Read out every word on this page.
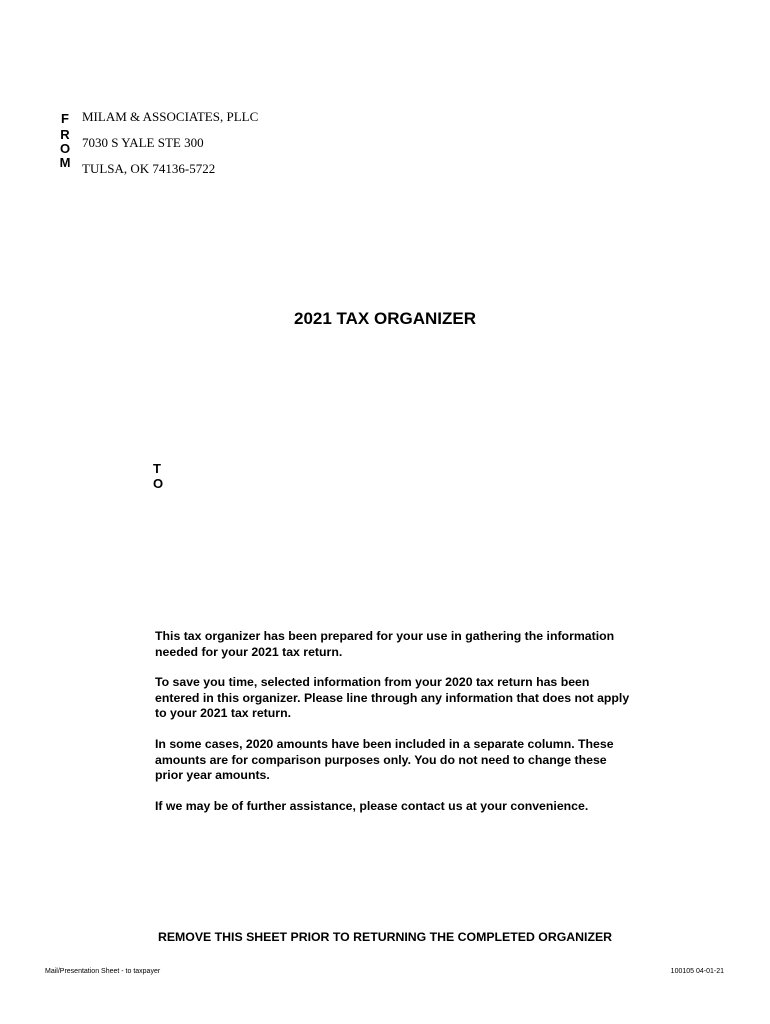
F
R
O
M
MILAM & ASSOCIATES, PLLC
7030 S YALE STE 300
TULSA, OK 74136-5722
2021 TAX ORGANIZER
T
O

This tax organizer has been prepared for your use in gathering the information needed for your 2021 tax return.

To save you time, selected information from your 2020 tax return has been entered in this organizer. Please line through any information that does not apply to your 2021 tax return.

In some cases, 2020 amounts have been included in a separate column. These amounts are for comparison purposes only. You do not need to change these prior year amounts.

If we may be of further assistance, please contact us at your convenience.

REMOVE THIS SHEET PRIOR TO RETURNING THE COMPLETED ORGANIZER
Mail/Presentation Sheet - to taxpayer	100105 04-01-21
